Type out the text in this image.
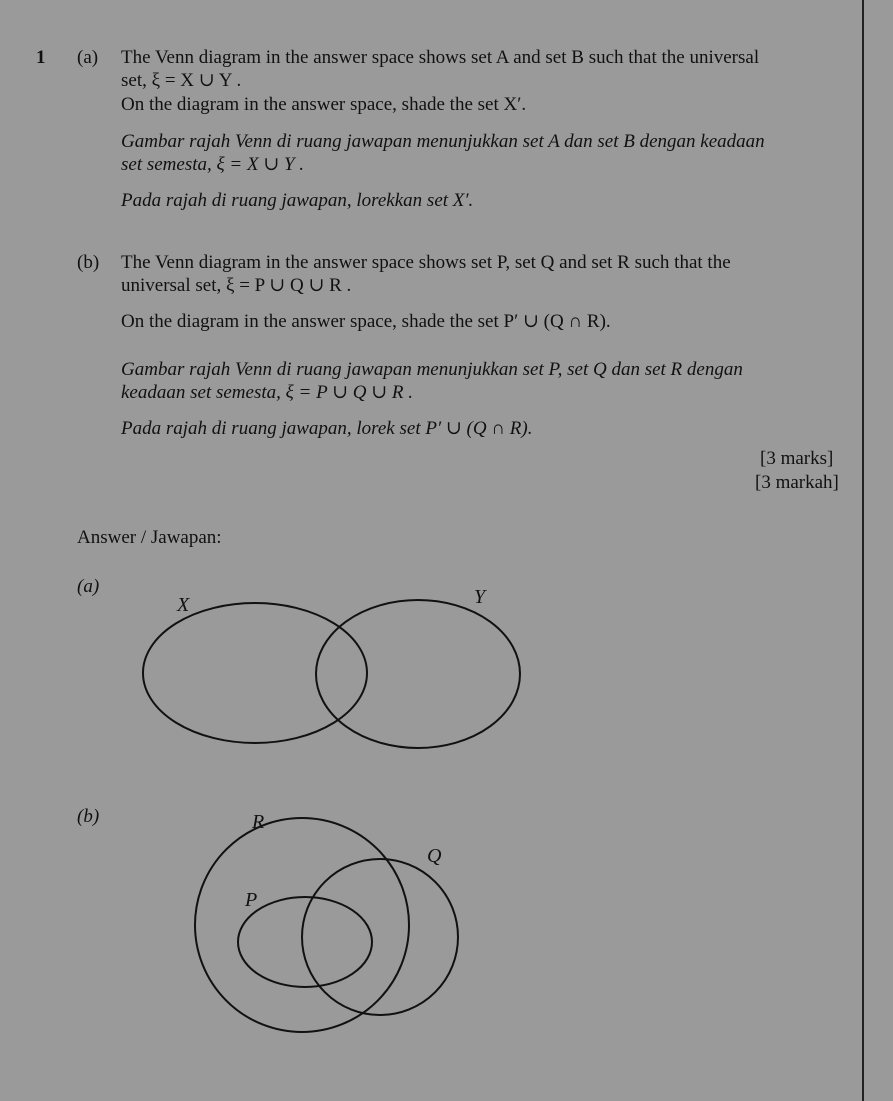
1 (a) The Venn diagram in the answer space shows set A and set B such that the universal
set, ξ = X ∪ Y .
On the diagram in the answer space, shade the set X′.
Gambar rajah Venn di ruang jawapan menunjukkan set A dan set B dengan keadaan
set semesta, ξ = X ∪ Y .
Pada rajah di ruang jawapan, lorekkan set X′.
(b) The Venn diagram in the answer space shows set P, set Q and set R such that the
universal set, ξ = P ∪ Q ∪ R .
On the diagram in the answer space, shade the set P′ ∪ (Q ∩ R).
Gambar rajah Venn di ruang jawapan menunjukkan set P, set Q dan set R dengan
keadaan set semesta, ξ = P ∪ Q ∪ R .
Pada rajah di ruang jawapan, lorek set P′ ∪ (Q ∩ R).
[3 marks]
[3 markah]
Answer / Jawapan:
(a)
X	Y
(b)	R
Q
P
